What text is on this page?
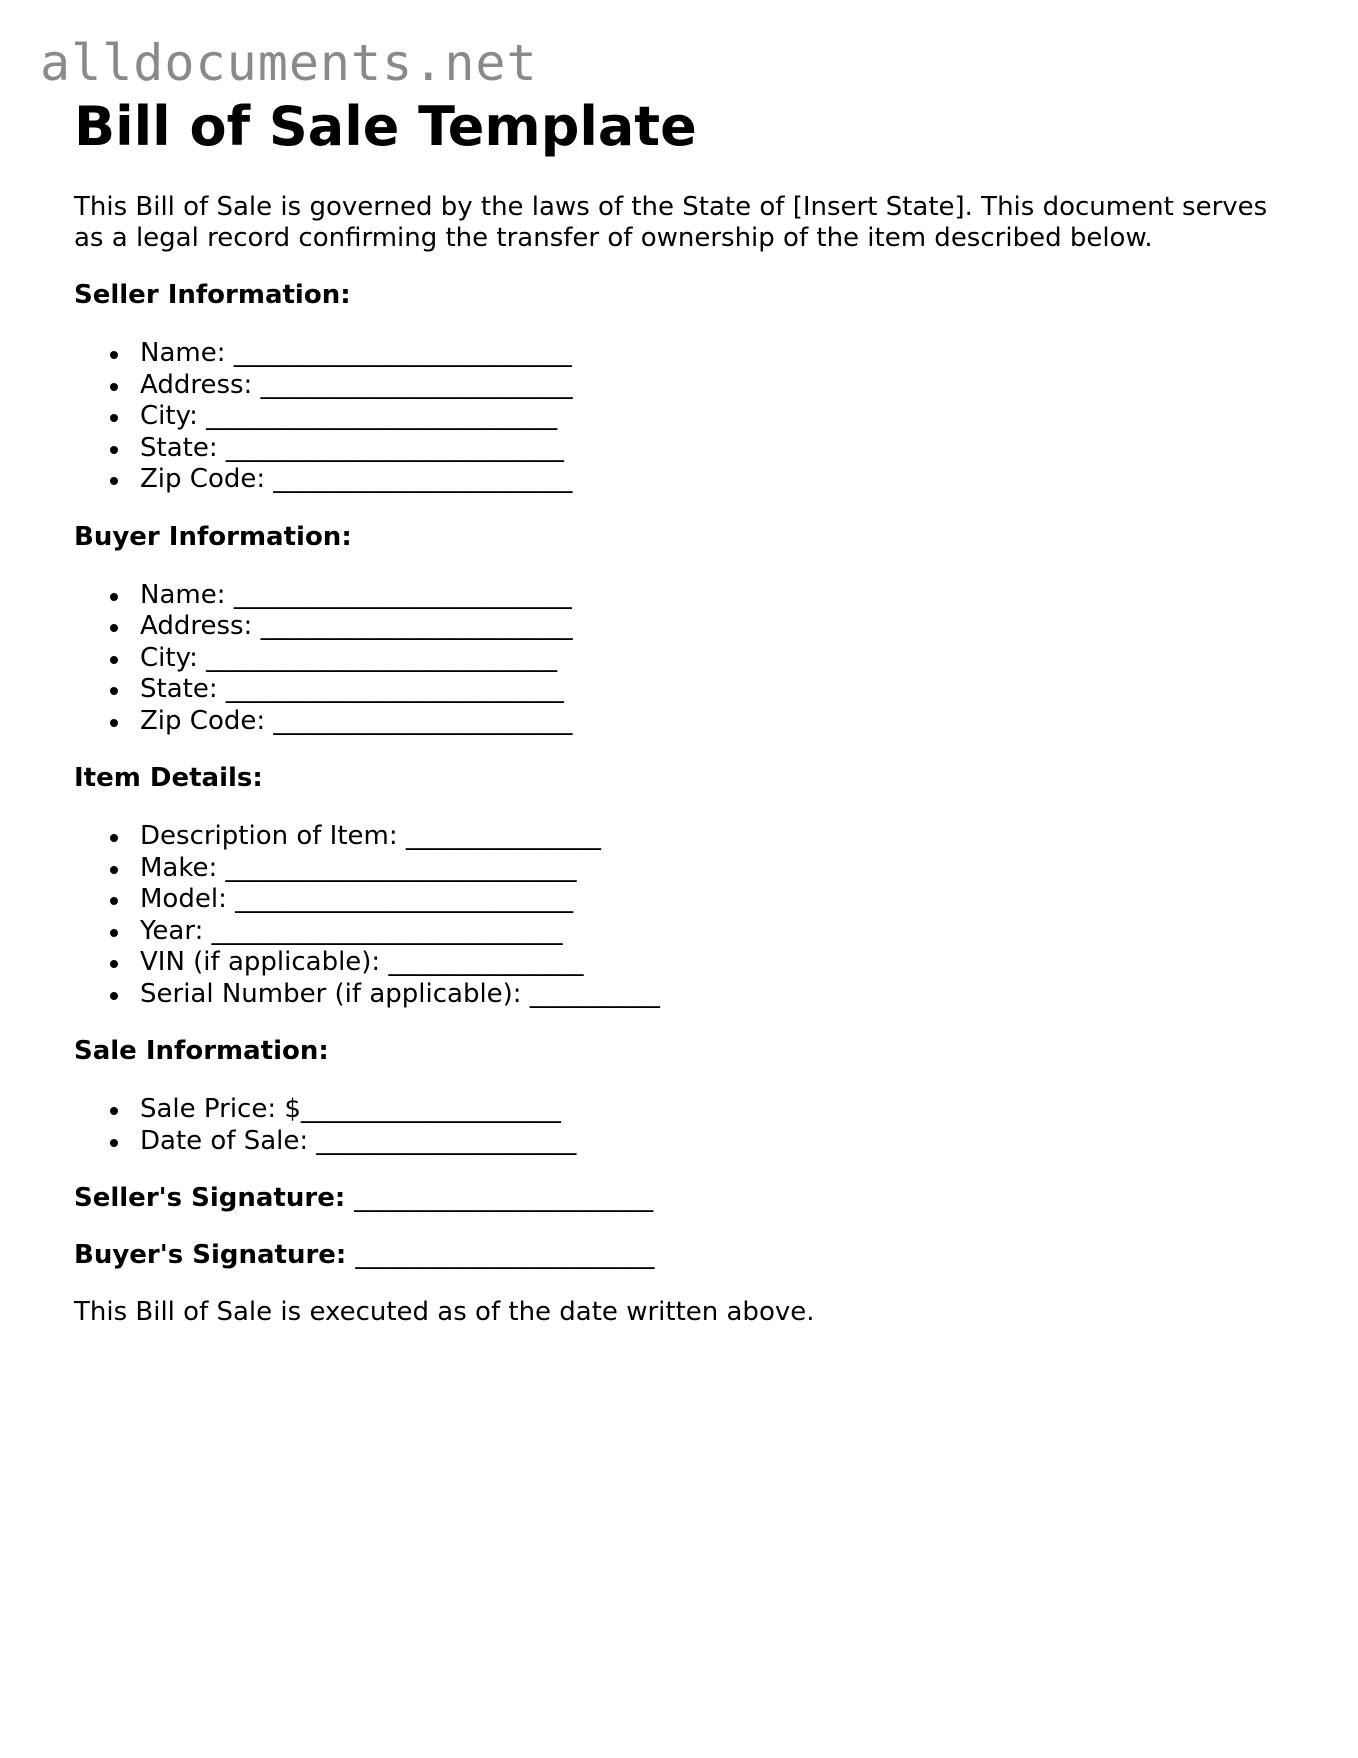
alldocuments.net
Bill of Sale Template

This Bill of Sale is governed by the laws of the State of [Insert State]. This document serves as a legal record confirming the transfer of ownership of the item described below.

Seller Information:

Name: __________________________
Address: ________________________
City: ___________________________
State: __________________________
Zip Code: _______________________

Buyer Information:

Name: __________________________
Address: ________________________
City: ___________________________
State: __________________________
Zip Code: _______________________

Item Details:

Description of Item: _______________
Make: ___________________________
Model: __________________________
Year: ___________________________
VIN (if applicable): _______________
Serial Number (if applicable): __________

Sale Information:

Sale Price: $____________________
Date of Sale: ____________________

Seller's Signature: _______________________

Buyer's Signature: _______________________

This Bill of Sale is executed as of the date written above.
